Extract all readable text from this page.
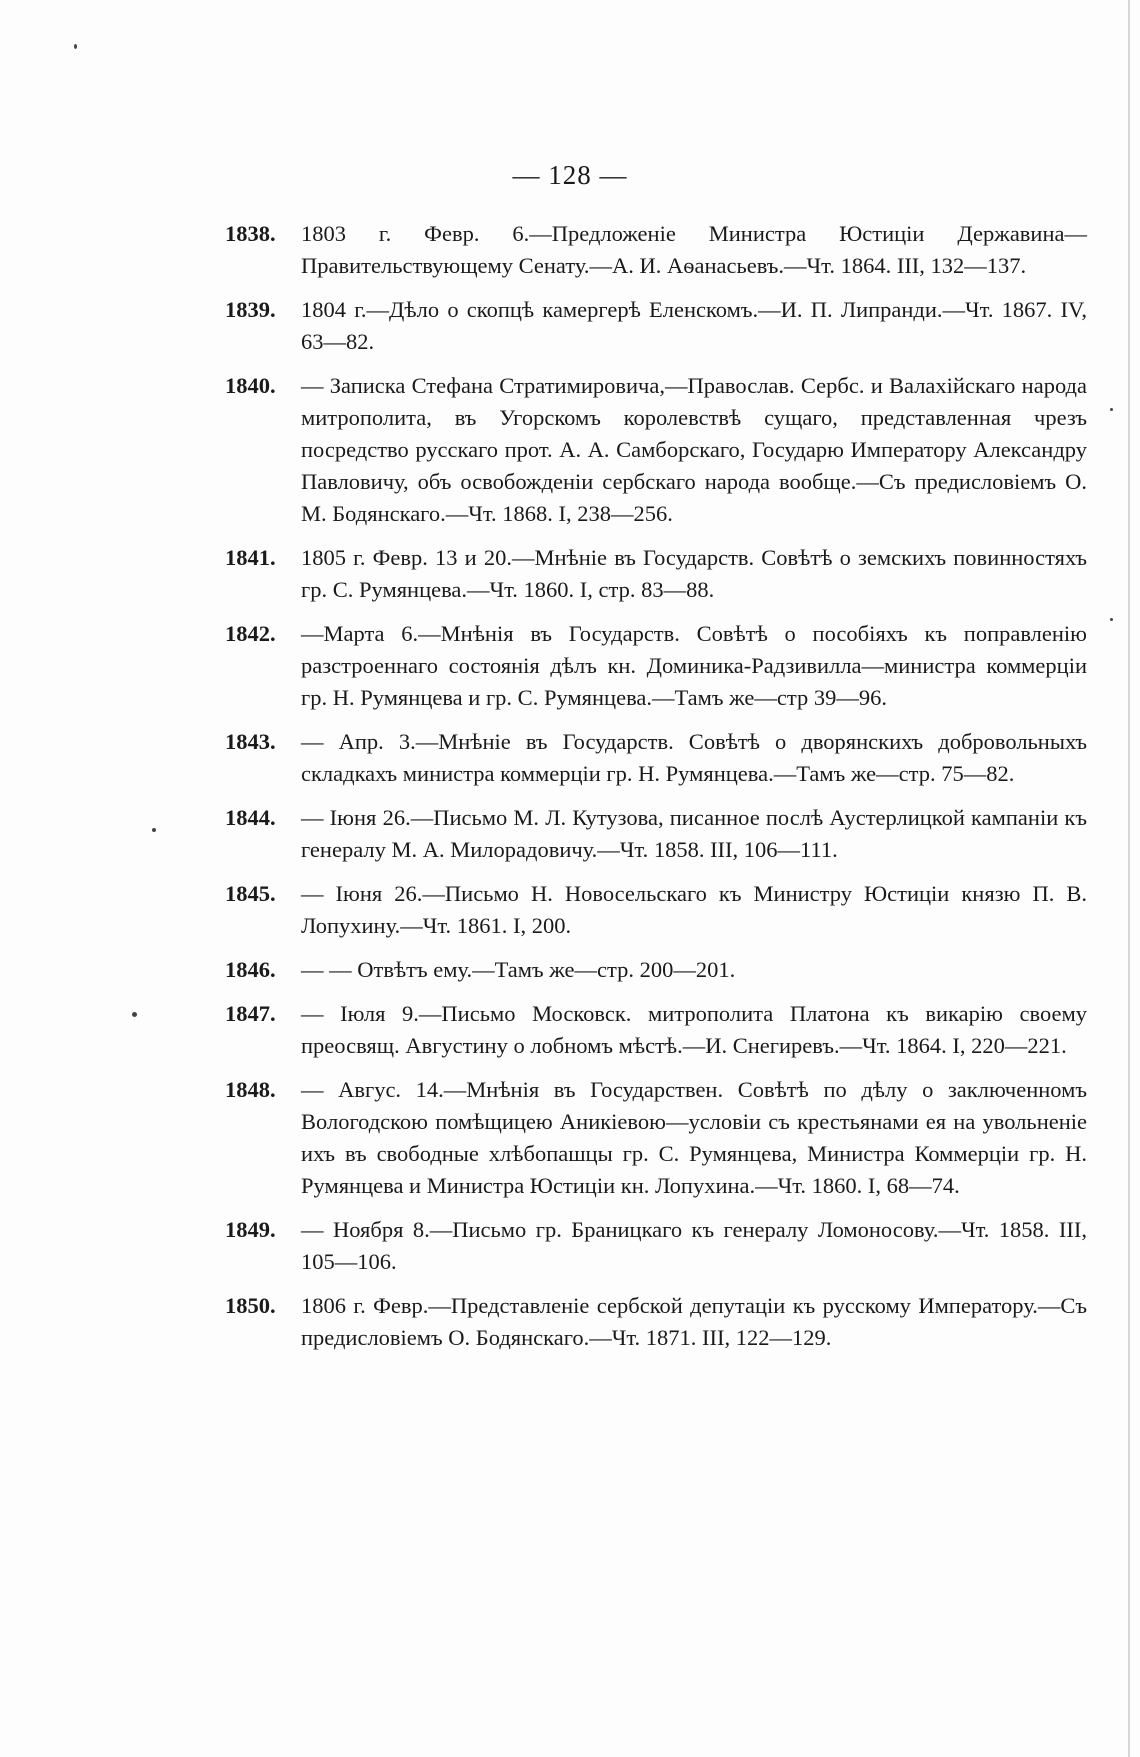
— 128 —
1838.	1803 г. Февр. 6.—Предложеніе Министра Юстиціи Державина—Правительствующему Сенату.—А. И. Аѳанасьевъ.—Чт. 1864. III, 132—137.
1839.	1804 г.—Дѣло о скопцѣ камергерѣ Еленскомъ.—И. П. Липранди.—Чт. 1867. IV, 63—82.
1840.	— Записка Стефана Стратимировича,—Православ. Сербс. и Валахійскаго народа митрополита, въ Угорскомъ королевствѣ сущаго, представленная чрезъ посредство русскаго прот. А. А. Самборскаго, Государю Императору Александру Павловичу, объ освобожденіи сербскаго народа вообще.—Съ предисловіемъ О. М. Бодянскаго.—Чт. 1868. I, 238—256.
1841.	1805 г. Февр. 13 и 20.—Мнѣніе въ Государств. Совѣтѣ о земскихъ повинностяхъ гр. С. Румянцева.—Чт. 1860. I, стр. 83—88.
1842.	—Марта 6.—Мнѣнія въ Государств. Совѣтѣ о пособіяхъ къ поправленію разстроеннаго состоянія дѣлъ кн. Доминика-Радзивилла—министра коммерціи гр. Н. Румянцева и гр. С. Румянцева.—Тамъ же—стр 39—96.
1843.	— Апр. 3.—Мнѣніе въ Государств. Совѣтѣ о дворянскихъ добровольныхъ складкахъ министра коммерціи гр. Н. Румянцева.—Тамъ же—стр. 75—82.
1844.	— Іюня 26.—Письмо М. Л. Кутузова, писанное послѣ Аустерлицкой кампаніи къ генералу М. А. Милорадовичу.—Чт. 1858. III, 106—111.
1845.	— Іюня 26.—Письмо Н. Новосельскаго къ Министру Юстиціи князю П. В. Лопухину.—Чт. 1861. I, 200.
1846.	— — Отвѣтъ ему.—Тамъ же—стр. 200—201.
1847.	— Іюля 9.—Письмо Московск. митрополита Платона къ викарію своему преосвящ. Августину о лобномъ мѣстѣ.—И. Снегиревъ.—Чт. 1864. I, 220—221.
1848.	— Авгус. 14.—Мнѣнія въ Государствен. Совѣтѣ по дѣлу о заключенномъ Вологодскою помѣщицею Аникіевою—условіи съ крестьянами ея на увольненіе ихъ въ свободные хлѣбопашцы гр. С. Румянцева, Министра Коммерціи гр. Н. Румянцева и Министра Юстиціи кн. Лопухина.—Чт. 1860. I, 68—74.
1849.	— Ноября 8.—Письмо гр. Браницкаго къ генералу Ломоносову.—Чт. 1858. III, 105—106.
1850.	1806 г. Февр.—Представленіе сербской депутаціи къ русскому Императору.—Съ предисловіемъ О. Бодянскаго.—Чт. 1871. III, 122—129.
